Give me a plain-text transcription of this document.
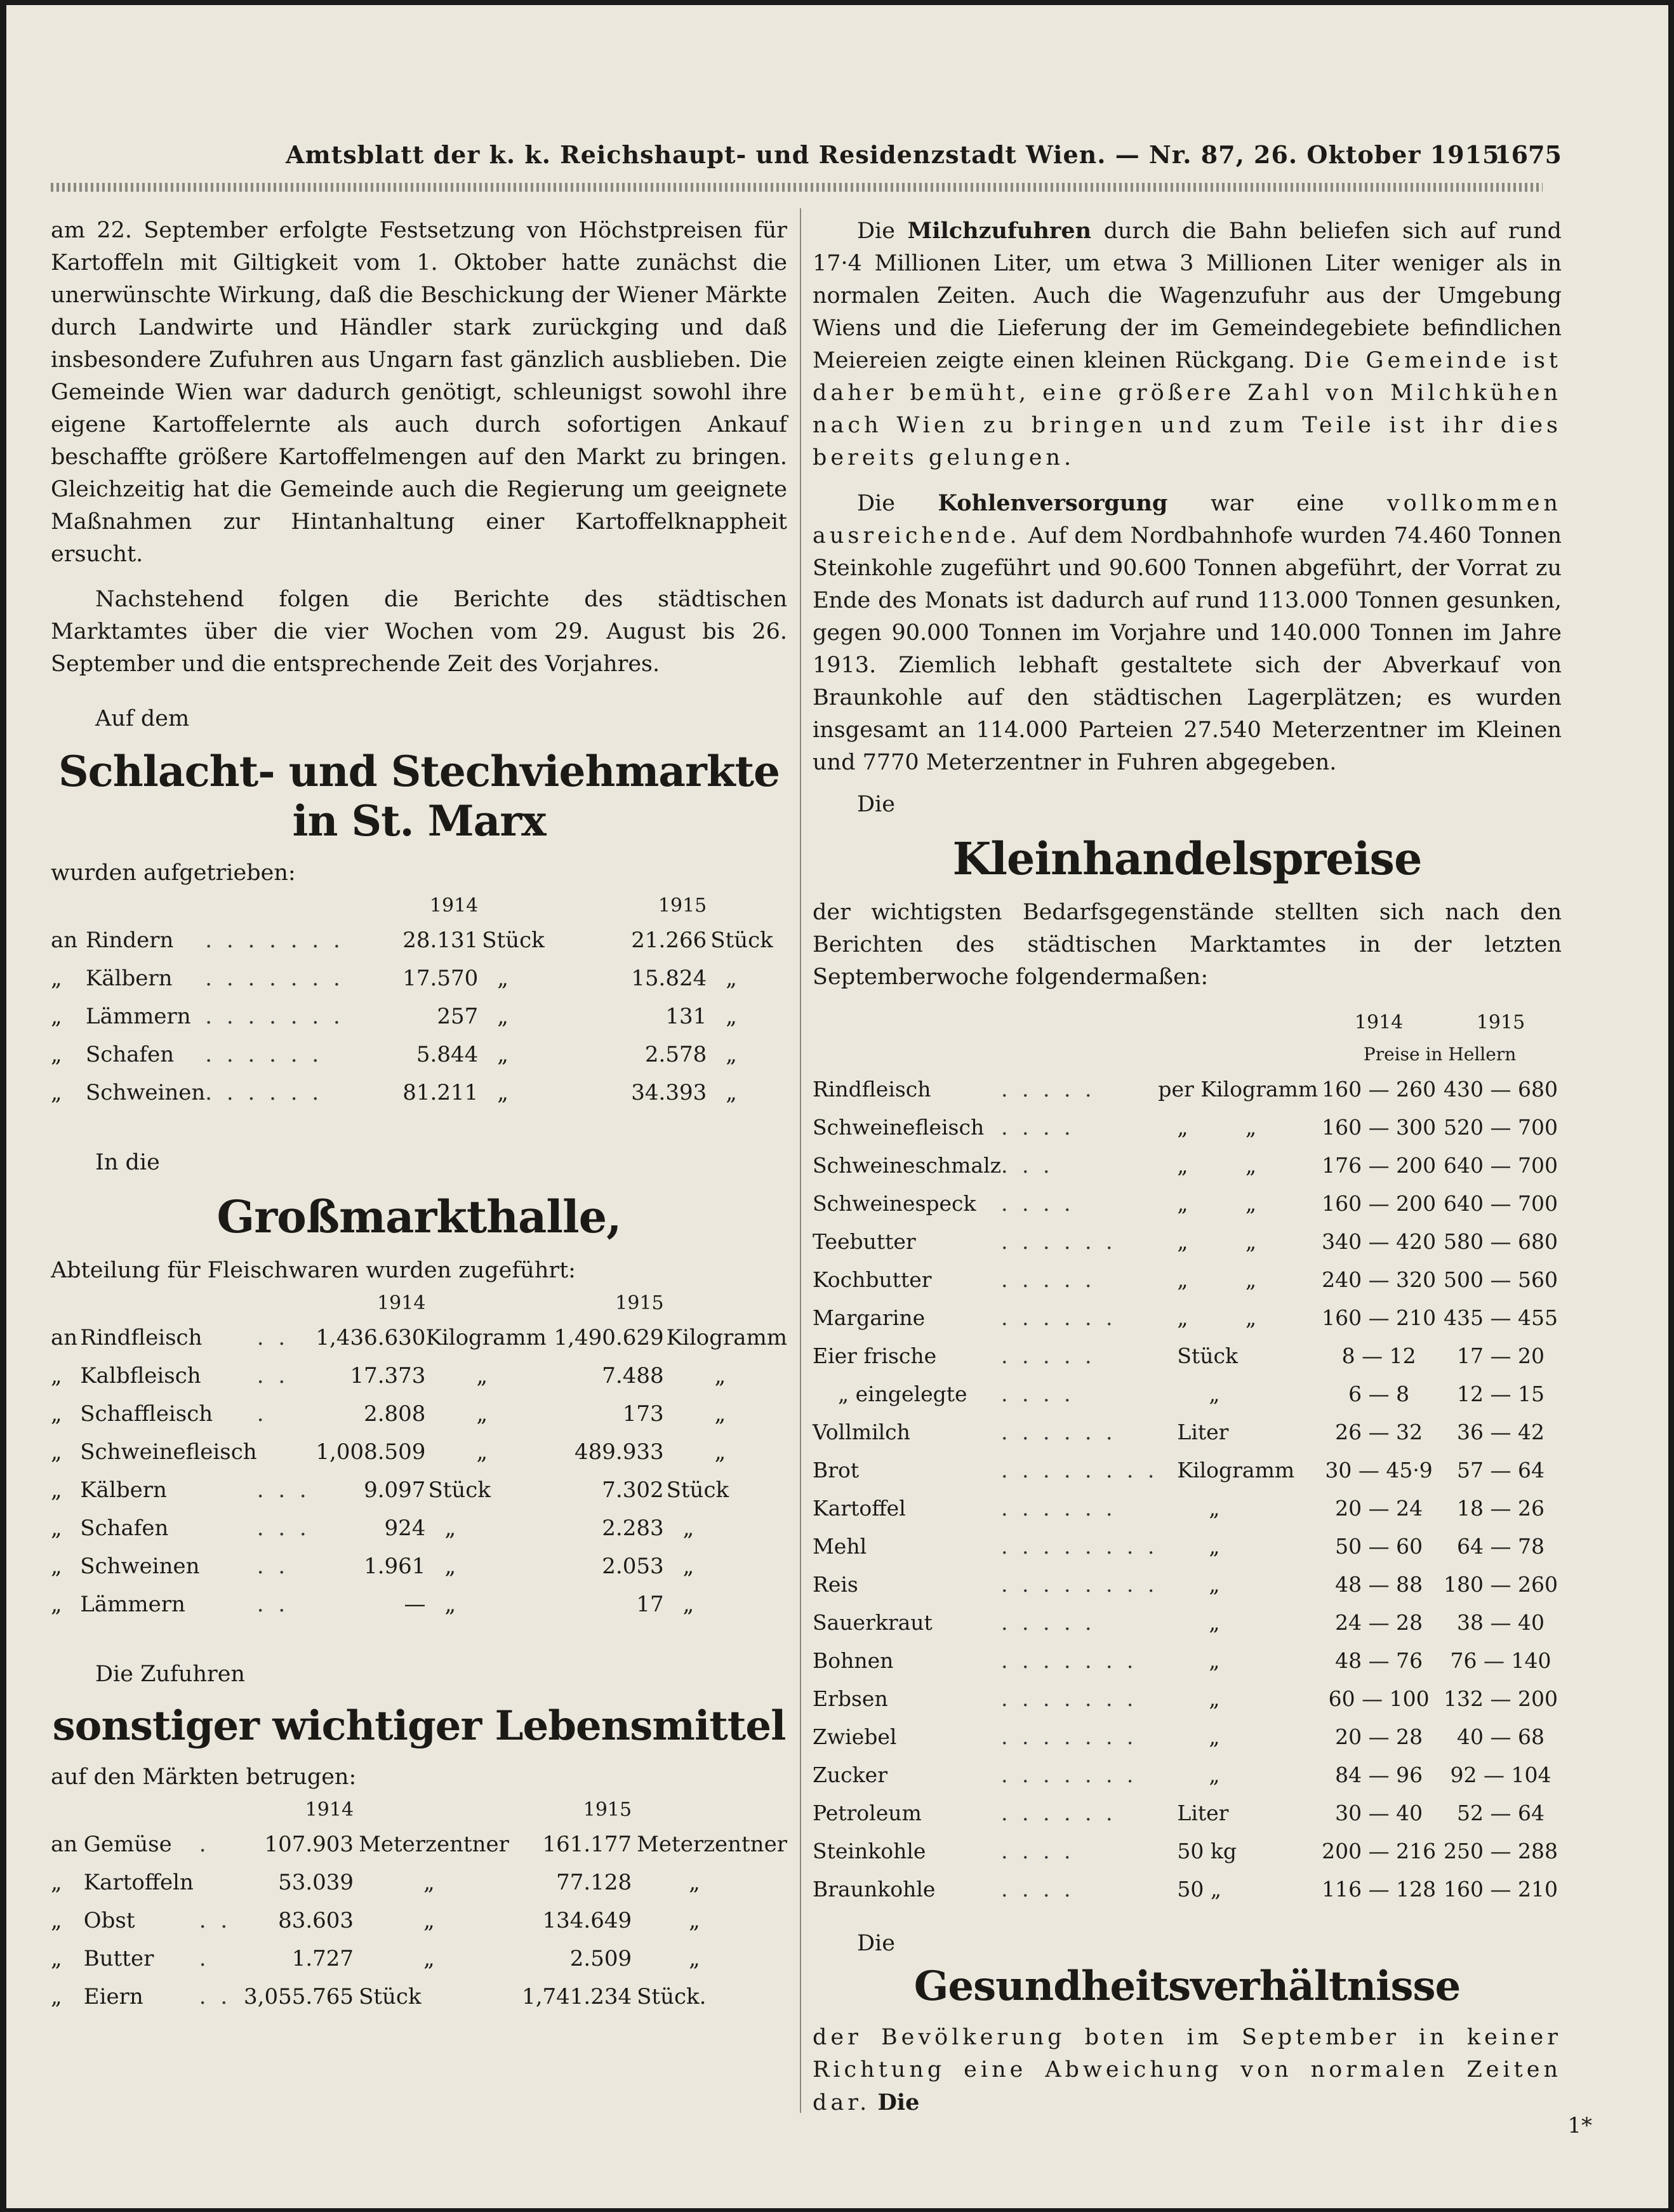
Amtsblatt der k. k. Reichshaupt- und Residenzstadt Wien. — Nr. 87, 26. Oktober 1915.
1675

am 22. September erfolgte Festsetzung von Höchstpreisen für Kartoffeln mit Giltigkeit vom 1. Oktober hatte zunächst die unerwünschte Wirkung, daß die Beschickung der Wiener Märkte durch Landwirte und Händler stark zurückging und daß insbesondere Zufuhren aus Ungarn fast gänzlich ausblieben. Die Gemeinde Wien war dadurch genötigt, schleunigst sowohl ihre eigene Kartoffelernte als auch durch sofortigen Ankauf beschaffte größere Kartoffelmengen auf den Markt zu bringen. Gleichzeitig hat die Gemeinde auch die Regierung um geeignete Maßnahmen zur Hintanhaltung einer Kartoffelknappheit ersucht.

Nachstehend folgen die Berichte des städtischen Marktamtes über die vier Wochen vom 29. August bis 26. September und die entsprechende Zeit des Vorjahres.

Auf dem
Schlacht- und Stechviehmarkte in St. Marx

wurden aufgetrieben:

			1914		1915	
an	Rindern	. . . . . . .	28.131	Stück	21.266	Stück
„	Kälbern	. . . . . . .	17.570	„	15.824	„
„	Lämmern	. . . . . . .	257	„	131	„
„	Schafen	. . . . . .	5.844	„	2.578	„
„	Schweinen	. . . . . .	81.211	„	34.393	„
In die
Großmarkthalle,

Abteilung für Fleischwaren wurden zugeführt:

			1914		1915	
an	Rindfleisch	. .	1,436.630	Kilogramm	1,490.629	Kilogramm
„	Kalbfleisch	. .	17.373	„	7.488	„
„	Schaffleisch	.	2.808	„	173	„
„	Schweinefleisch		1,008.509	„	489.933	„
„	Kälbern	. . .	9.097	Stück	7.302	Stück
„	Schafen	. . .	924	„	2.283	„
„	Schweinen	. .	1.961	„	2.053	„
„	Lämmern	. .	—	„	17	„
Die Zufuhren
sonstiger wichtiger Lebensmittel

auf den Märkten betrugen:

			1914		1915	
an	Gemüse	.	107.903	Meterzentner	161.177	Meterzentner
„	Kartoffeln		53.039	„	77.128	„
„	Obst	. .	83.603	„	134.649	„
„	Butter	.	1.727	„	2.509	„
„	Eiern	. .	3,055.765	Stück	1,741.234	Stück.

Die Milchzufuhren durch die Bahn beliefen sich auf rund 17·4 Millionen Liter, um etwa 3 Millionen Liter weniger als in normalen Zeiten. Auch die Wagenzufuhr aus der Umgebung Wiens und die Lieferung der im Gemeindegebiete befindlichen Meiereien zeigte einen kleinen Rückgang. Die Gemeinde ist daher bemüht, eine größere Zahl von Milchkühen nach Wien zu bringen und zum Teile ist ihr dies bereits gelungen.

Die Kohlenversorgung war eine vollkommen ausreichende. Auf dem Nordbahnhofe wurden 74.460 Tonnen Steinkohle zugeführt und 90.600 Tonnen abgeführt, der Vorrat zu Ende des Monats ist dadurch auf rund 113.000 Tonnen gesunken, gegen 90.000 Tonnen im Vorjahre und 140.000 Tonnen im Jahre 1913. Ziemlich lebhaft gestaltete sich der Abverkauf von Braunkohle auf den städtischen Lagerplätzen; es wurden insgesamt an 114.000 Parteien 27.540 Meterzentner im Kleinen und 7770 Meterzentner in Fuhren abgegeben.

Die
Kleinhandelspreise

der wichtigsten Bedarfsgegenstände stellten sich nach den Berichten des städtischen Marktamtes in der letzten Septemberwoche folgendermaßen:

			1914	1915
			Preise in Hellern	
Rindfleisch	. . . . .	per Kilogramm	160 — 260	430 — 680
Schweinefleisch	. . . .	„ „	160 — 300	520 — 700
Schweineschmalz	. . .	„ „	176 — 200	640 — 700
Schweinespeck	. . . .	„ „	160 — 200	640 — 700
Teebutter	. . . . . .	„ „	340 — 420	580 — 680
Kochbutter	. . . . .	„ „	240 — 320	500 — 560
Margarine	. . . . . .	„ „	160 — 210	435 — 455
Eier frische	. . . . .	Stück	8 — 12	17 — 20
„ eingelegte	. . . .	„	6 — 8	12 — 15
Vollmilch	. . . . . .	Liter	26 — 32	36 — 42
Brot	. . . . . . . .	Kilogramm	30 — 45·9	57 — 64
Kartoffel	. . . . . .	„	20 — 24	18 — 26
Mehl	. . . . . . . .	„	50 — 60	64 — 78
Reis	. . . . . . . .	„	48 — 88	180 — 260
Sauerkraut	. . . . .	„	24 — 28	38 — 40
Bohnen	. . . . . . .	„	48 — 76	76 — 140
Erbsen	. . . . . . .	„	60 — 100	132 — 200
Zwiebel	. . . . . . .	„	20 — 28	40 — 68
Zucker	. . . . . . .	„	84 — 96	92 — 104
Petroleum	. . . . . .	Liter	30 — 40	52 — 64
Steinkohle	. . . .	50 kg	200 — 216	250 — 288
Braunkohle	. . . .	50 „	116 — 128	160 — 210
Die
Gesundheitsverhältnisse

der Bevölkerung boten im September in keiner Richtung eine Abweichung von normalen Zeiten dar. Die

1*
